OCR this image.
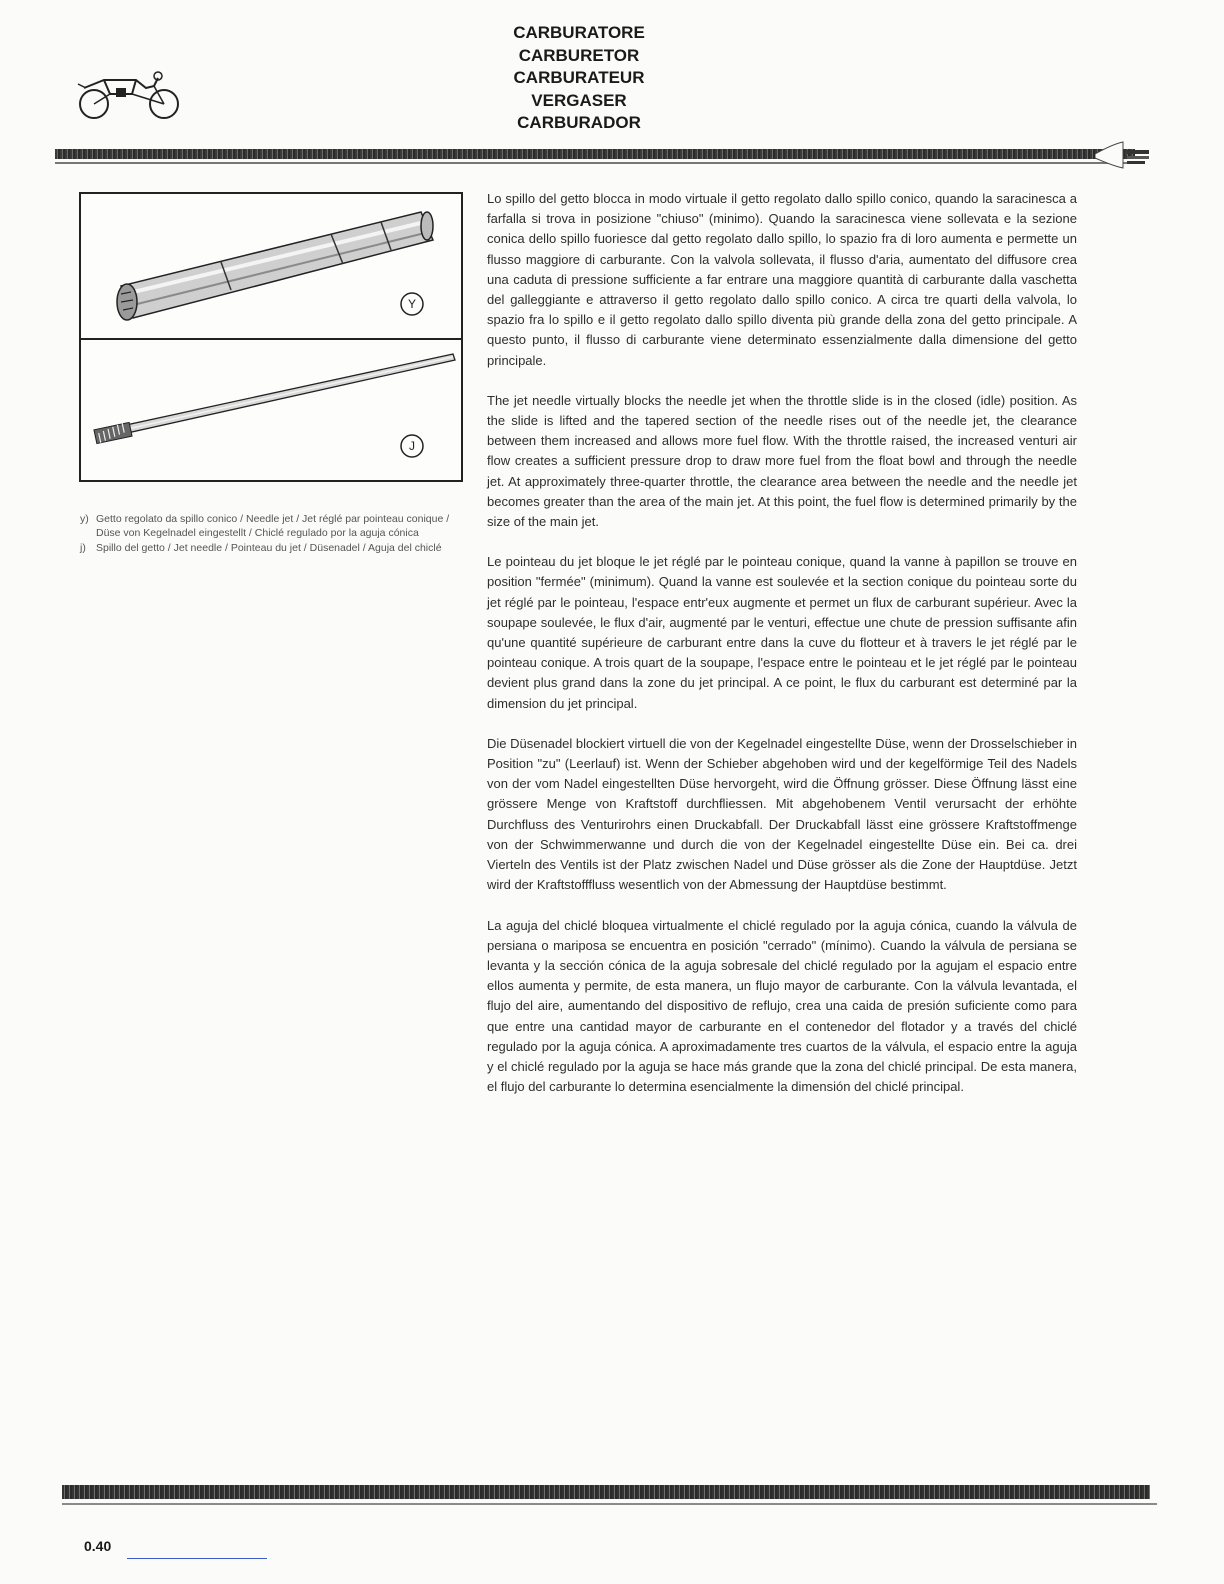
CARBURATORE
CARBURETOR
CARBURATEUR
VERGASER
CARBURADOR
Y
J
y) Getto regolato da spillo conico / Needle jet / Jet réglé par pointeau conique / Düse von Kegelnadel eingestellt / Chiclé regulado por la aguja cónica
j) Spillo del getto / Jet needle / Pointeau du jet / Düsenadel / Aguja del chiclé

Lo spillo del getto blocca in modo virtuale il getto regolato dallo spillo conico, quando la saracinesca a farfalla si trova in posizione "chiuso" (minimo). Quando la saracinesca viene sollevata e la sezione conica dello spillo fuoriesce dal getto regolato dallo spillo, lo spazio fra di loro aumenta e permette un flusso maggiore di carburante. Con la valvola sollevata, il flusso d'aria, aumentato del diffusore crea una caduta di pressione sufficiente a far entrare una maggiore quantità di carburante dalla vaschetta del galleggiante e attraverso il getto regolato dallo spillo conico. A circa tre quarti della valvola, lo spazio fra lo spillo e il getto regolato dallo spillo diventa più grande della zona del getto principale. A questo punto, il flusso di carburante viene determinato essenzialmente dalla dimensione del getto principale.

The jet needle virtually blocks the needle jet when the throttle slide is in the closed (idle) position. As the slide is lifted and the tapered section of the needle rises out of the needle jet, the clearance between them increased and allows more fuel flow. With the throttle raised, the increased venturi air flow creates a sufficient pressure drop to draw more fuel from the float bowl and through the needle jet. At approximately three-quarter throttle, the clearance area between the needle and the needle jet becomes greater than the area of the main jet. At this point, the fuel flow is determined primarily by the size of the main jet.

Le pointeau du jet bloque le jet réglé par le pointeau conique, quand la vanne à papillon se trouve en position "fermée" (minimum). Quand la vanne est soulevée et la section conique du pointeau sorte du jet réglé par le pointeau, l'espace entr'eux augmente et permet un flux de carburant supérieur. Avec la soupape soulevée, le flux d'air, augmenté par le venturi, effectue une chute de pression suffisante afin qu'une quantité supérieure de carburant entre dans la cuve du flotteur et à travers le jet réglé par le pointeau conique. A trois quart de la soupape, l'espace entre le pointeau et le jet réglé par le pointeau devient plus grand dans la zone du jet principal. A ce point, le flux du carburant est determiné par la dimension du jet principal.

Die Düsenadel blockiert virtuell die von der Kegelnadel eingestellte Düse, wenn der Drosselschieber in Position "zu" (Leerlauf) ist. Wenn der Schieber abgehoben wird und der kegelförmige Teil des Nadels von der vom Nadel eingestellten Düse hervorgeht, wird die Öffnung grösser. Diese Öffnung lässt eine grössere Menge von Kraftstoff durchfliessen. Mit abgehobenem Ventil verursacht der erhöhte Durchfluss des Venturirohrs einen Druckabfall. Der Druckabfall lässt eine grössere Kraftstoffmenge von der Schwimmerwanne und durch die von der Kegelnadel eingestellte Düse ein. Bei ca. drei Vierteln des Ventils ist der Platz zwischen Nadel und Düse grösser als die Zone der Hauptdüse. Jetzt wird der Kraftstofffluss wesentlich von der Abmessung der Hauptdüse bestimmt.

La aguja del chiclé bloquea virtualmente el chiclé regulado por la aguja cónica, cuando la válvula de persiana o mariposa se encuentra en posición "cerrado" (mínimo). Cuando la válvula de persiana se levanta y la sección cónica de la aguja sobresale del chiclé regulado por la agujam el espacio entre ellos aumenta y permite, de esta manera, un flujo mayor de carburante. Con la válvula levantada, el flujo del aire, aumentando del dispositivo de reflujo, crea una caida de presión suficiente como para que entre una cantidad mayor de carburante en el contenedor del flotador y a través del chiclé regulado por la aguja cónica. A aproximadamente tres cuartos de la válvula, el espacio entre la aguja y el chiclé regulado por la aguja se hace más grande que la zona del chiclé principal. De esta manera, el flujo del carburante lo determina esencialmente la dimensión del chiclé principal.

0.40
